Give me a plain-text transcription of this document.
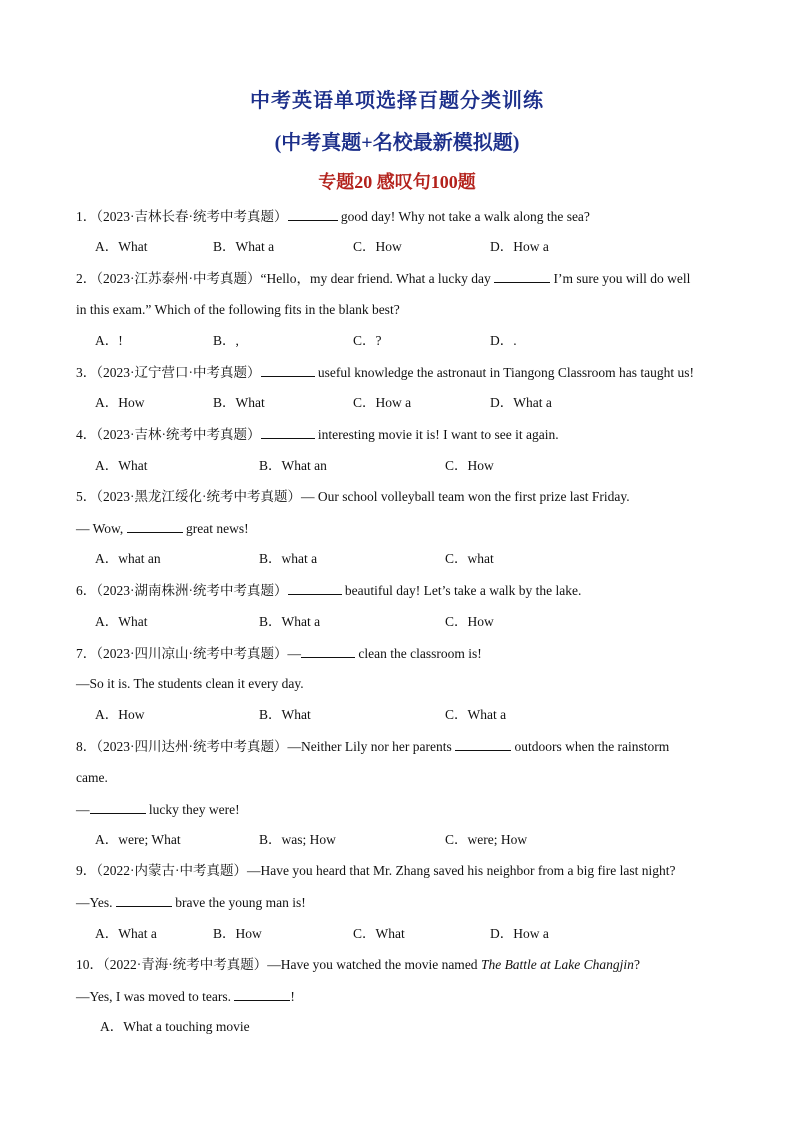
中考英语单项选择百题分类训练
(中考真题+名校最新模拟题)
专题20 感叹句100题
1．（2023·吉林长春·统考中考真题）	good day! Why not take a walk along the sea?
A．What	B．What a	C．How	D．How a
2．（2023·江苏泰州·中考真题）“Hello，my dear friend. What a lucky day	I’m sure you will do well
in this exam.” Which of the following fits in the blank best?
A．!	B．,	C．?	D．.
3．（2023·辽宁营口·中考真题）	useful knowledge the astronaut in Tiangong Classroom has taught us!
A．How	B．What	C．How a	D．What a
4．（2023·吉林·统考中考真题）	interesting movie it is! I want to see it again.
A．What	B．What an	C．How
5．（2023·黑龙江绥化·统考中考真题）— Our school volleyball team won the first prize last Friday.
— Wow,	great news!
A．what an	B．what a	C．what
6．（2023·湖南株洲·统考中考真题）	beautiful day! Let’s take a walk by the lake.
A．What	B．What a	C．How
7．（2023·四川凉山·统考中考真题）—	clean the classroom is!
—So it is. The students clean it every day.
A．How	B．What	C．What a
8．（2023·四川达州·统考中考真题）—Neither Lily nor her parents	outdoors when the rainstorm
came.
—	lucky they were!
A．were; What	B．was; How	C．were; How
9．（2022·内蒙古·中考真题）—Have you heard that Mr. Zhang saved his neighbor from a big fire last night?
—Yes.	brave the young man is!
A．What a	B．How	C．What	D．How a
10．（2022·青海·统考中考真题）—Have you watched the movie named The Battle at Lake Changjin?
—Yes, I was moved to tears.	!
A．What a touching movie
